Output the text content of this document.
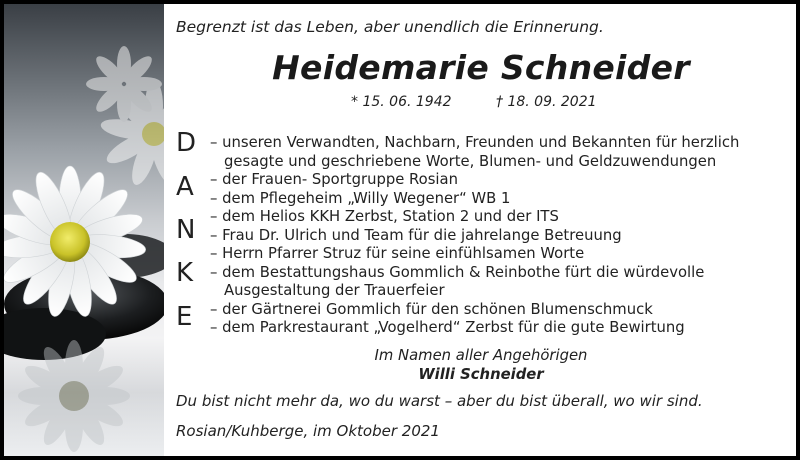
Begrenzt ist das Leben, aber unendlich die Erinnerung.
Heidemarie Schneider
* 15. 06. 1942	† 18. 09. 2021
D
A
N
K
E
– unseren Verwandten, Nachbarn, Freunden und Bekannten für herzlich
gesagte und geschriebene Worte, Blumen- und Geldzuwendungen
– der Frauen- Sportgruppe Rosian
– dem Pflegeheim „Willy Wegener“ WB 1
– dem Helios KKH Zerbst, Station 2 und der ITS
– Frau Dr. Ulrich und Team für die jahrelange Betreuung
– Herrn Pfarrer Struz für seine einfühlsamen Worte
– dem Bestattungshaus Gommlich & Reinbothe fürt die würdevolle
Ausgestaltung der Trauerfeier
– der Gärtnerei Gommlich für den schönen Blumenschmuck
– dem Parkrestaurant „Vogelherd“ Zerbst für die gute Bewirtung
Im Namen aller Angehörigen
Willi Schneider
Du bist nicht mehr da, wo du warst – aber du bist überall, wo wir sind.
Rosian/Kuhberge, im Oktober 2021
